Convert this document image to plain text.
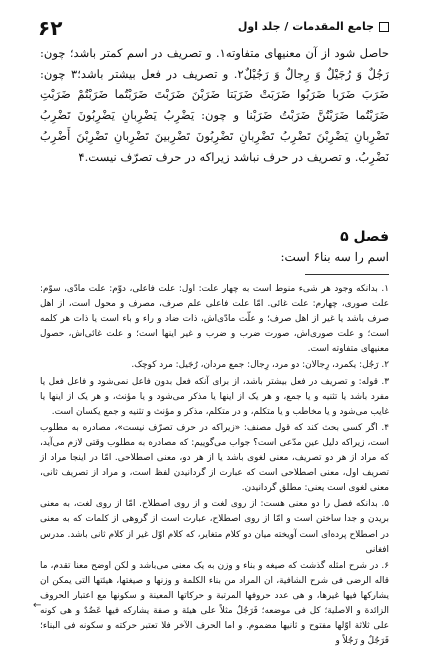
۶۲	جامع المقدمات / جلد اول

حاصل شود از آن معنیهای متفاوته١. و تصریف در اسم کمتر باشد؛ چون: رَجُلٌ وَ رُجَیْلٌ وَ رِجالٌ وَ رَجُیْلٌ٢. و تصریف در فعل بیشتر باشد؛٣ چون: ضَرَبَ ضَرَبا ضَرَبُوا ضَرَبَتْ ضَرَبَتا ضَرَبْنَ ضَرَبْتَ ضَرَبْتُما ضَرَبْتُمْ ضَرَبْتِ ضَرَبْتُما ضَرَبْتُنَّ ضَرَبْتُ ضَرَبْنا و چون: یَضْرِبُ یَضْرِبانِ یَضْرِبُونَ تَضْرِبُ تَضْرِبانِ یَضْرِبْنَ تَضْرِبُ تَضْرِبانِ تَضْرِبُونَ تَضْرِبینَ تَضْرِبانِ تَضْرِبْنَ أَضْرِبُ نَضْرِبُ. و تصریف در حرف نباشد زیراکه در حرف تصرّف نیست.۴

فصل ۵
اسم را سه بنا۶ است:

١. بدانکه وجود هر شیء منوط است به چهار علت: اول: علت فاعلی، دوّم: علت مادّی، سوّم: علت صوری، چهارم: علت غائی. امّا علت فاعلی علم صرف، مصرف و محول است، از اهل صرف باشد یا غیر از اهل صرف؛ و علّت مادّی‌اش، ذات ضاد و راء و باء است یا ذات هر کلمه است؛ و علت صوری‌اش، صورت ضرب و ضرب و غیر اینها است؛ و علت غائی‌اش، حصول معنیهای متفاوته است.

٢. رَجُل: یکمرد، رِجالان: دو مرد، رِجال: جمع مردان، رُجَیل: مرد کوچک.

٣. قوله: و تصریف در فعل بیشتر باشد، از برای آنکه فعل بدون فاعل نمی‌شود و فاعل فعل یا مفرد باشد یا تثنیه و یا جمع، و هر یک از اینها یا مذکر می‌شود و یا مؤنث، و هر یک از اینها یا غایب می‌شود و یا مخاطب و یا متکلم، و در متکلم، مذکر و مؤنث و تثنیه و جمع یکسان است.

۴. اگر کسی بحث کند که قول مصنف: «زیراکه در حرف تصرّف نیست»، مصادره به مطلوب است، زیراکه دلیل عین مدّعی است؟ جواب می‌گوییم: که مصادره به مطلوب وقتی لازم می‌آید، که مراد از هر دو تصریف، معنی لغوی باشد یا از هر دو، معنی اصطلاحی. امّا در اینجا مراد از تصریف اول، معنی اصطلاحی است که عبارت از گردانیدن لفظ است، و مراد از تصریف ثانی، معنی لغوی است یعنی: مطلق گردانیدن.

۵. بدانکه فصل را دو معنی هست: از روی لغت و از روی اصطلاح. امّا از روی لغت، به معنی بریدن و جدا ساختن است و امّا از روی اصطلاح، عبارت است از گروهی از کلمات که به معنی در اصطلاح پرده‌ای است آویخته میان دو کلام متغایر، که کلام اوّل غیر از کلام ثانی باشد. مدرس افغانی

۶. در شرح امثله گذشت که صیغه و بناء و وزن به یک معنی می‌باشد و لکن اوضح معنا تقدم، ما قاله الرضی فی شرح الشافیة، ان المراد من بناء الکلمة و وزنها و صیغتها، هیئتها التی یمکن ان یشارکها فیها غیرها، و هی عدد حروفها المرتبة و حرکاتها المعینة و سکونها مع اعتبار الحروف الزائدة و الاصلیة؛ کل فی موضعه؛ فَرَجُلٌ مثلاً علی هیئة و صفة یشارکه فیها عَضُدٌ و هی کونه علی ثلاثة اوّلها مفتوح و ثانیها مضموم. و اما الحرف الآخر فلا تعتبر حرکته و سکونه فی البناء؛ فَرَجُلٌ و رَجُلاً و

←
